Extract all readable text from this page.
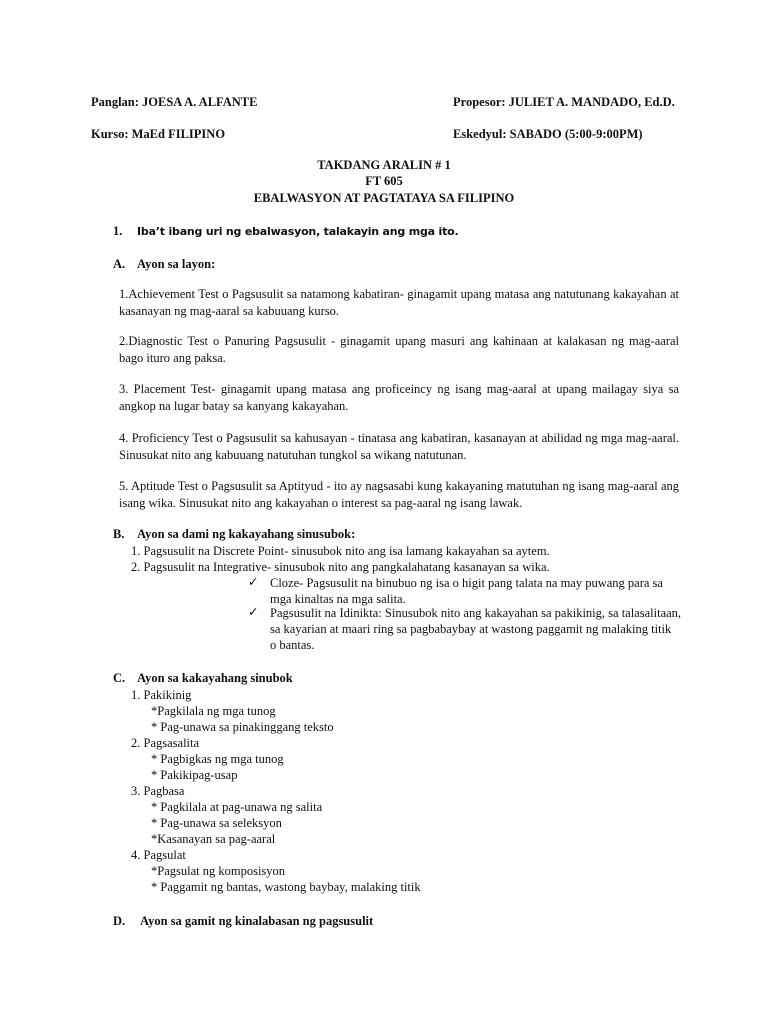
Panglan: JOESA A. ALFANTE	Propesor: JULIET A. MANDADO, Ed.D.
Kurso: MaEd FILIPINO	Eskedyul: SABADO (5:00-9:00PM)
TAKDANG ARALIN # 1
FT 605
EBALWASYON AT PAGTATAYA SA FILIPINO
1. Iba’t ibang uri ng ebalwasyon, talakayin ang mga ito.
A. Ayon sa layon:
1.Achievement Test o Pagsusulit sa natamong kabatiran- ginagamit upang matasa ang natutunang kakayahan at kasanayan ng mag-aaral sa kabuuang kurso.
2.Diagnostic Test o Panuring Pagsusulit - ginagamit upang masuri ang kahinaan at kalakasan ng mag-aaral bago ituro ang paksa.
3. Placement Test- ginagamit upang matasa ang proficeincy ng isang mag-aaral at upang mailagay siya sa angkop na lugar batay sa kanyang kakayahan.
4. Proficiency Test o Pagsusulit sa kahusayan - tinatasa ang kabatiran, kasanayan at abilidad ng mga mag-aaral. Sinusukat nito ang kabuuang natutuhan tungkol sa wikang natutunan.
5. Aptitude Test o Pagsusulit sa Aptityud - ito ay nagsasabi kung kakayaning matutuhan ng isang mag-aaral ang isang wika. Sinusukat nito ang kakayahan o interest sa pag-aaral ng isang lawak.
B. Ayon sa dami ng kakayahang sinusubok:
1. Pagsusulit na Discrete Point- sinusubok nito ang isa lamang kakayahan sa aytem.
2. Pagsusulit na Integrative- sinusubok nito ang pangkalahatang kasanayan sa wika.
✓ Cloze- Pagsusulit na binubuo ng isa o higit pang talata na may puwang para sa
mga kinaltas na mga salita.
✓ Pagsusulit na Idinikta: Sinusubok nito ang kakayahan sa pakikinig, sa talasalitaan,
sa kayarian at maari ring sa pagbabaybay at wastong paggamit ng malaking titik
o bantas.
C. Ayon sa kakayahang sinubok
1. Pakikinig
*Pagkilala ng mga tunog
* Pag-unawa sa pinakinggang teksto
2. Pagsasalita
* Pagbigkas ng mga tunog
* Pakikipag-usap
3. Pagbasa
* Pagkilala at pag-unawa ng salita
* Pag-unawa sa seleksyon
*Kasanayan sa pag-aaral
4. Pagsulat
*Pagsulat ng komposisyon
* Paggamit ng bantas, wastong baybay, malaking titik
D. Ayon sa gamit ng kinalabasan ng pagsusulit
